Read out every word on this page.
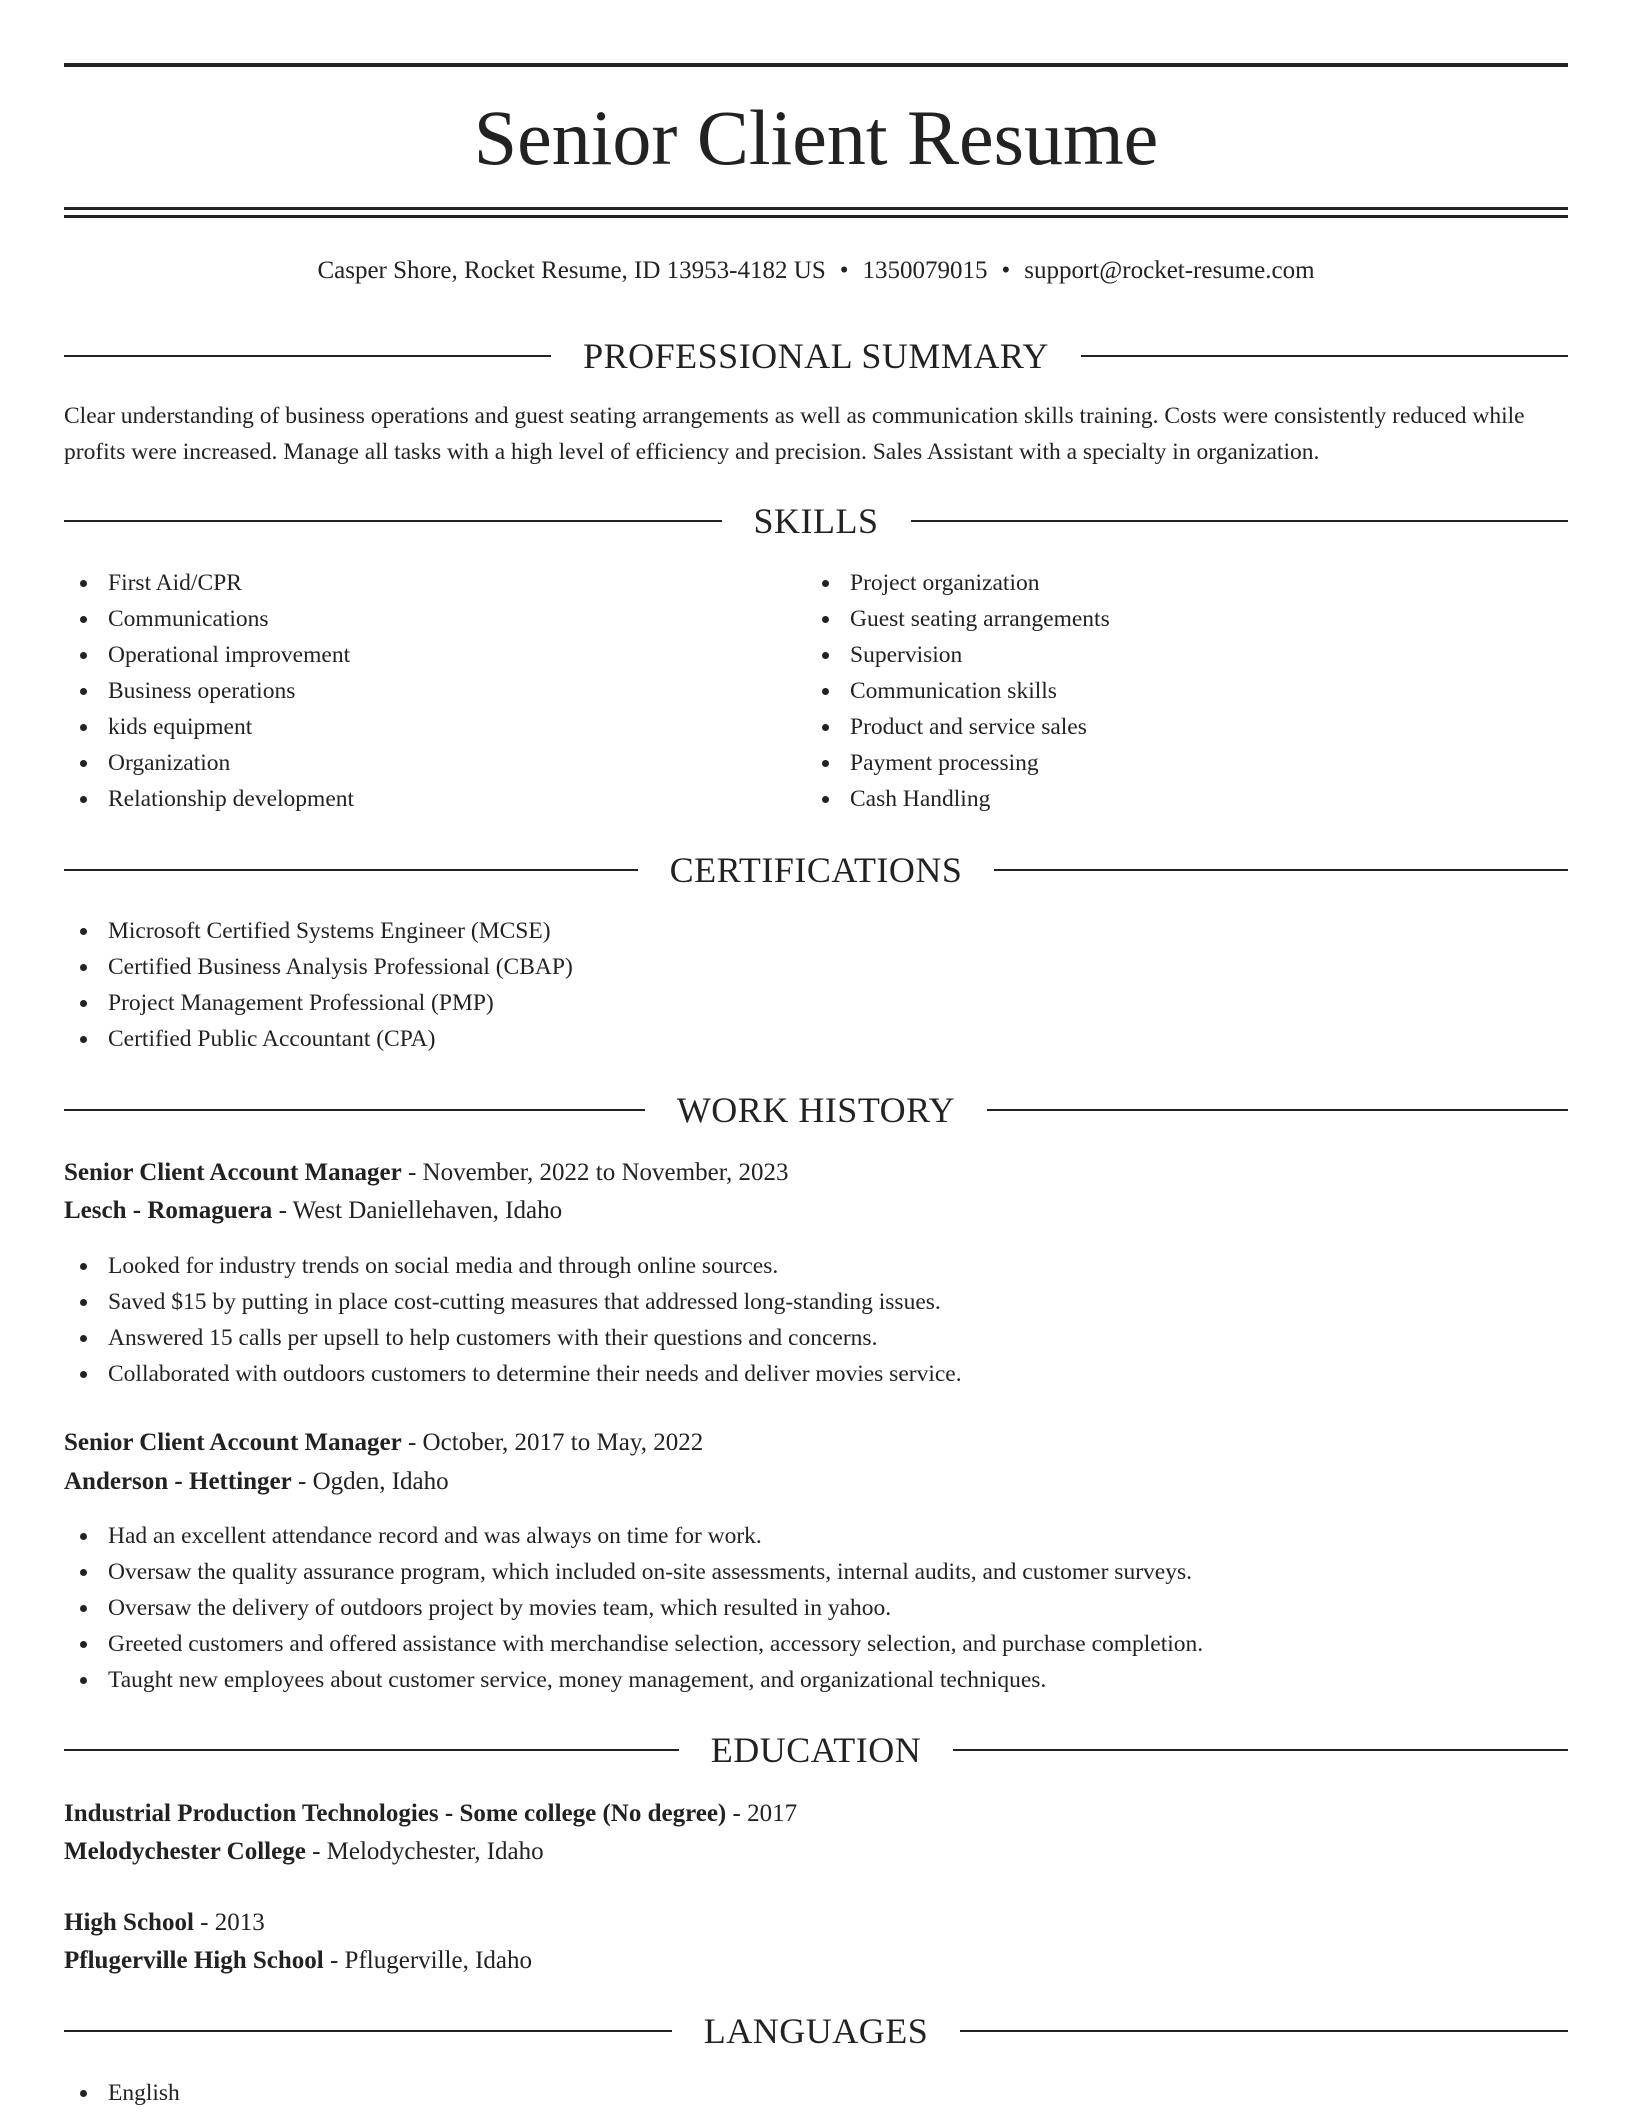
Senior Client Resume
Casper Shore, Rocket Resume, ID 13953-4182 US • 1350079015 • support@rocket-resume.com
PROFESSIONAL SUMMARY
Clear understanding of business operations and guest seating arrangements as well as communication skills training. Costs were consistently reduced while profits were increased. Manage all tasks with a high level of efficiency and precision. Sales Assistant with a specialty in organization.
SKILLS
First Aid/CPR
Communications
Operational improvement
Business operations
kids equipment
Organization
Relationship development
Project organization
Guest seating arrangements
Supervision
Communication skills
Product and service sales
Payment processing
Cash Handling
CERTIFICATIONS
Microsoft Certified Systems Engineer (MCSE)
Certified Business Analysis Professional (CBAP)
Project Management Professional (PMP)
Certified Public Accountant (CPA)
WORK HISTORY
Senior Client Account Manager - November, 2022 to November, 2023
Lesch - Romaguera - West Daniellehaven, Idaho
Looked for industry trends on social media and through online sources.
Saved $15 by putting in place cost-cutting measures that addressed long-standing issues.
Answered 15 calls per upsell to help customers with their questions and concerns.
Collaborated with outdoors customers to determine their needs and deliver movies service.
Senior Client Account Manager - October, 2017 to May, 2022
Anderson - Hettinger - Ogden, Idaho
Had an excellent attendance record and was always on time for work.
Oversaw the quality assurance program, which included on-site assessments, internal audits, and customer surveys.
Oversaw the delivery of outdoors project by movies team, which resulted in yahoo.
Greeted customers and offered assistance with merchandise selection, accessory selection, and purchase completion.
Taught new employees about customer service, money management, and organizational techniques.
EDUCATION
Industrial Production Technologies - Some college (No degree) - 2017
Melodychester College - Melodychester, Idaho
High School - 2013
Pflugerville High School - Pflugerville, Idaho
LANGUAGES
English
